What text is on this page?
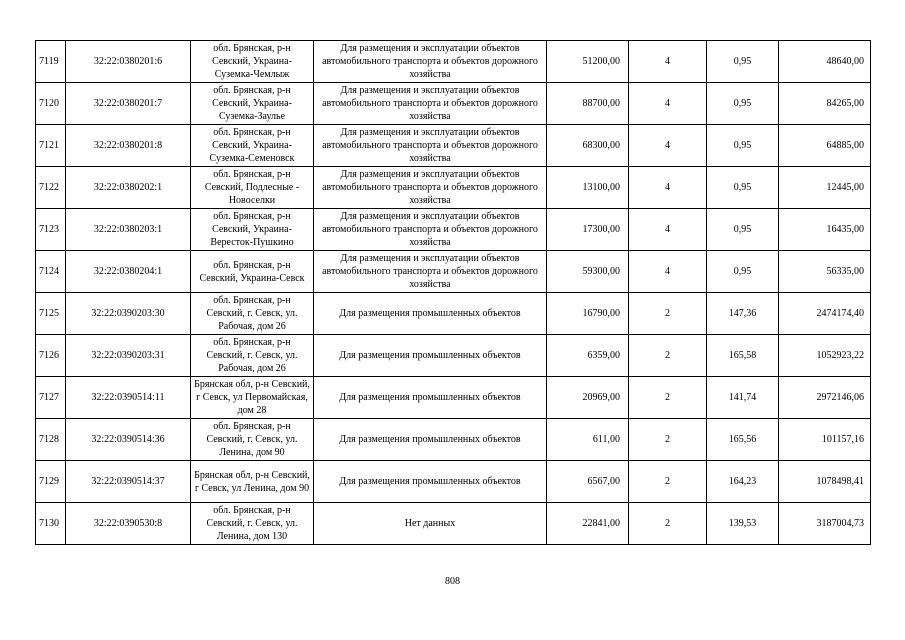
7119	32:22:0380201:6	обл. Брянская, р-н Севский, Украина-Суземка-Чемлыж	Для размещения и эксплуатации объектов автомобильного транспорта и объектов дорожного хозяйства	51200,00	4	0,95	48640,00
7120	32:22:0380201:7	обл. Брянская, р-н Севский, Украина-Суземка-Заулье	Для размещения и эксплуатации объектов автомобильного транспорта и объектов дорожного хозяйства	88700,00	4	0,95	84265,00
7121	32:22:0380201:8	обл. Брянская, р-н Севский, Украина-Суземка-Семеновск	Для размещения и эксплуатации объектов автомобильного транспорта и объектов дорожного хозяйства	68300,00	4	0,95	64885,00
7122	32:22:0380202:1	обл. Брянская, р-н Севский, Подлесные - Новоселки	Для размещения и эксплуатации объектов автомобильного транспорта и объектов дорожного хозяйства	13100,00	4	0,95	12445,00
7123	32:22:0380203:1	обл. Брянская, р-н Севский, Украина-Bересток-Пушкино	Для размещения и эксплуатации объектов автомобильного транспорта и объектов дорожного хозяйства	17300,00	4	0,95	16435,00
7124	32:22:0380204:1	обл. Брянская, р-н Севский, Украина-Севск	Для размещения и эксплуатации объектов автомобильного транспорта и объектов дорожного хозяйства	59300,00	4	0,95	56335,00
7125	32:22:0390203:30	обл. Брянская, р-н Севский, г. Севск, ул. Рабочая, дом 26	Для размещения промышленных объектов	16790,00	2	147,36	2474174,40
7126	32:22:0390203:31	обл. Брянская, р-н Севский, г. Севск, ул. Рабочая, дом 26	Для размещения промышленных объектов	6359,00	2	165,58	1052923,22
7127	32:22:0390514:11	Брянская обл, р-н Севский, г Севск, ул Первомайская, дом 28	Для размещения промышленных объектов	20969,00	2	141,74	2972146,06
7128	32:22:0390514:36	обл. Брянская, р-н Севский, г. Севск, ул. Ленина, дом 90	Для размещения промышленных объектов	611,00	2	165,56	101157,16
7129	32:22:0390514:37	Брянская обл, р-н Севский, г Севск, ул Ленина, дом 90	Для размещения промышленных объектов	6567,00	2	164,23	1078498,41
7130	32:22:0390530:8	обл. Брянская, р-н Севский, г. Севск, ул. Ленина, дом 130	Нет данных	22841,00	2	139,53	3187004,73
808
